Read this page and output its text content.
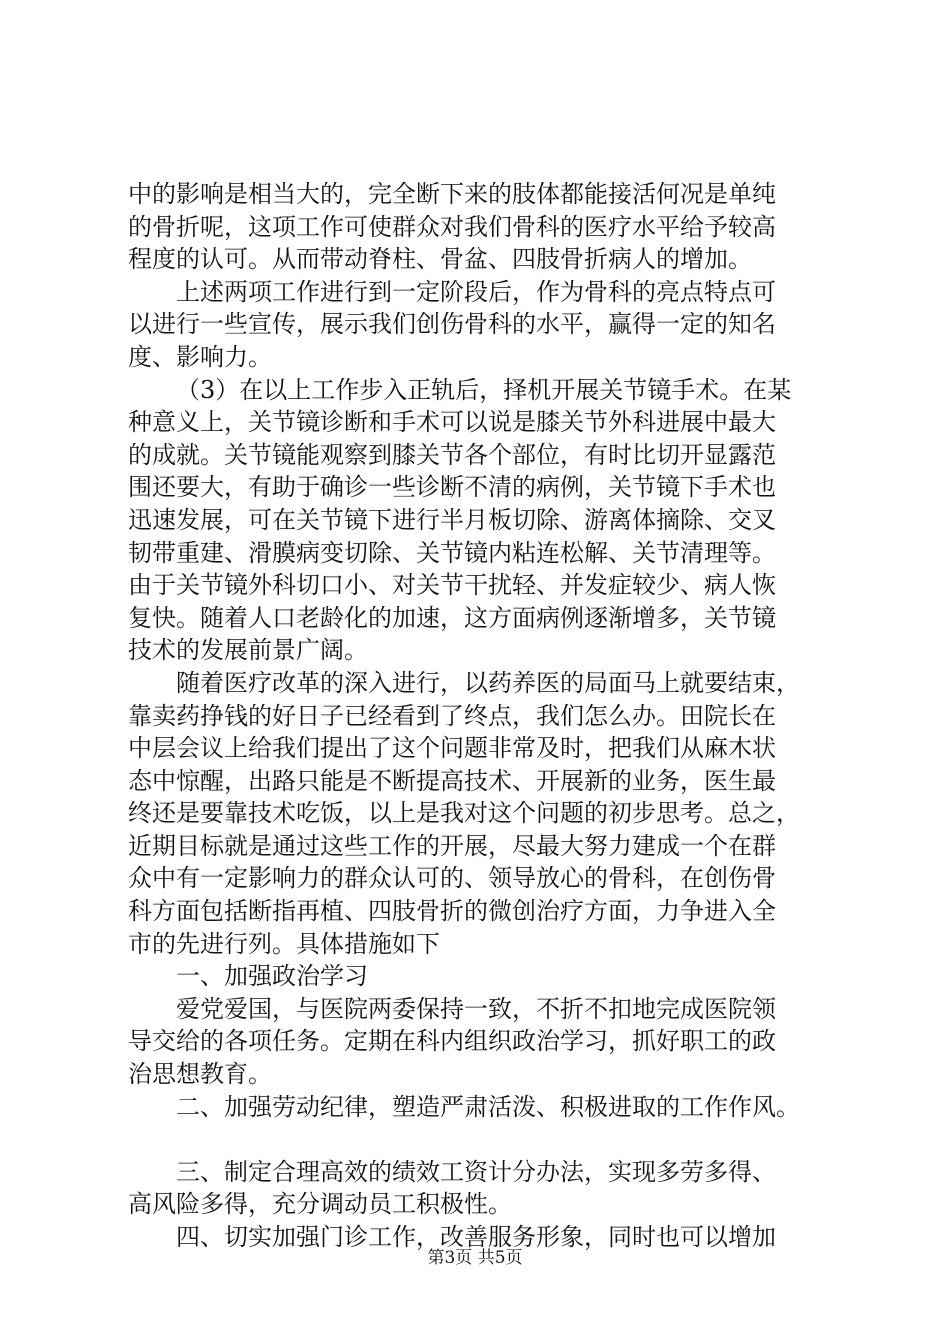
中的影响是相当大的，完全断下来的肢体都能接活何况是单纯
的骨折呢，这项工作可使群众对我们骨科的医疗水平给予较高
程度的认可。从而带动脊柱、骨盆、四肢骨折病人的增加。
上述两项工作进行到一定阶段后，作为骨科的亮点特点可
以进行一些宣传，展示我们创伤骨科的水平，赢得一定的知名
度、影响力。
（3）在以上工作步入正轨后，择机开展关节镜手术。在某
种意义上，关节镜诊断和手术可以说是膝关节外科进展中最大
的成就。关节镜能观察到膝关节各个部位，有时比切开显露范
围还要大，有助于确诊一些诊断不清的病例，关节镜下手术也
迅速发展，可在关节镜下进行半月板切除、游离体摘除、交叉
韧带重建、滑膜病变切除、关节镜内粘连松解、关节清理等。
由于关节镜外科切口小、对关节干扰轻、并发症较少、病人恢
复快。随着人口老龄化的加速，这方面病例逐渐增多，关节镜
技术的发展前景广阔。
随着医疗改革的深入进行，以药养医的局面马上就要结束，
靠卖药挣钱的好日子已经看到了终点，我们怎么办。田院长在
中层会议上给我们提出了这个问题非常及时，把我们从麻木状
态中惊醒，出路只能是不断提高技术、开展新的业务，医生最
终还是要靠技术吃饭，以上是我对这个问题的初步思考。总之，
近期目标就是通过这些工作的开展，尽最大努力建成一个在群
众中有一定影响力的群众认可的、领导放心的骨科，在创伤骨
科方面包括断指再植、四肢骨折的微创治疗方面，力争进入全
市的先进行列。具体措施如下
一、加强政治学习
爱党爱国，与医院两委保持一致，不折不扣地完成医院领
导交给的各项任务。定期在科内组织政治学习，抓好职工的政
治思想教育。
二、加强劳动纪律，塑造严肃活泼、积极进取的工作作风。
三、制定合理高效的绩效工资计分办法，实现多劳多得、
高风险多得，充分调动员工积极性。
四、切实加强门诊工作，改善服务形象，同时也可以增加
第3页 共5页
